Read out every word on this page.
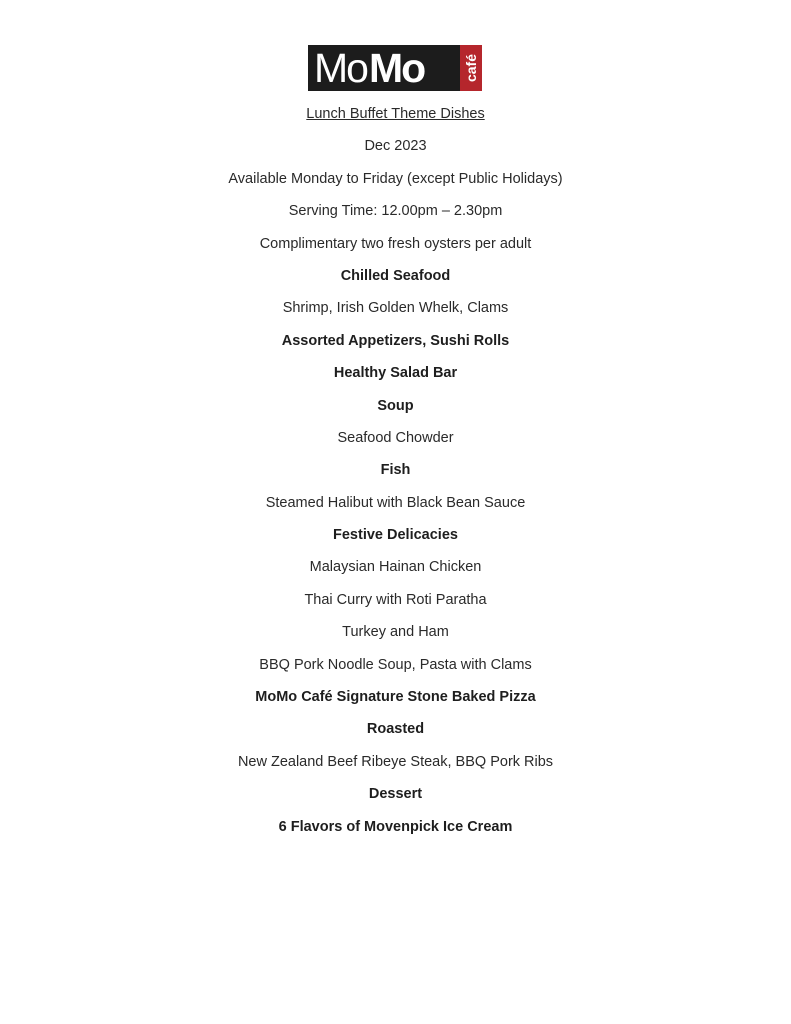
Mo Mo	café
Lunch Buffet Theme Dishes
Dec 2023
Available Monday to Friday (except Public Holidays)
Serving Time: 12.00pm – 2.30pm
Complimentary two fresh oysters per adult
Chilled Seafood
Shrimp, Irish Golden Whelk, Clams
Assorted Appetizers, Sushi Rolls
Healthy Salad Bar
Soup
Seafood Chowder
Fish
Steamed Halibut with Black Bean Sauce
Festive Delicacies
Malaysian Hainan Chicken
Thai Curry with Roti Paratha
Turkey and Ham
BBQ Pork Noodle Soup, Pasta with Clams
MoMo Café Signature Stone Baked Pizza
Roasted
New Zealand Beef Ribeye Steak, BBQ Pork Ribs
Dessert
6 Flavors of Movenpick Ice Cream
